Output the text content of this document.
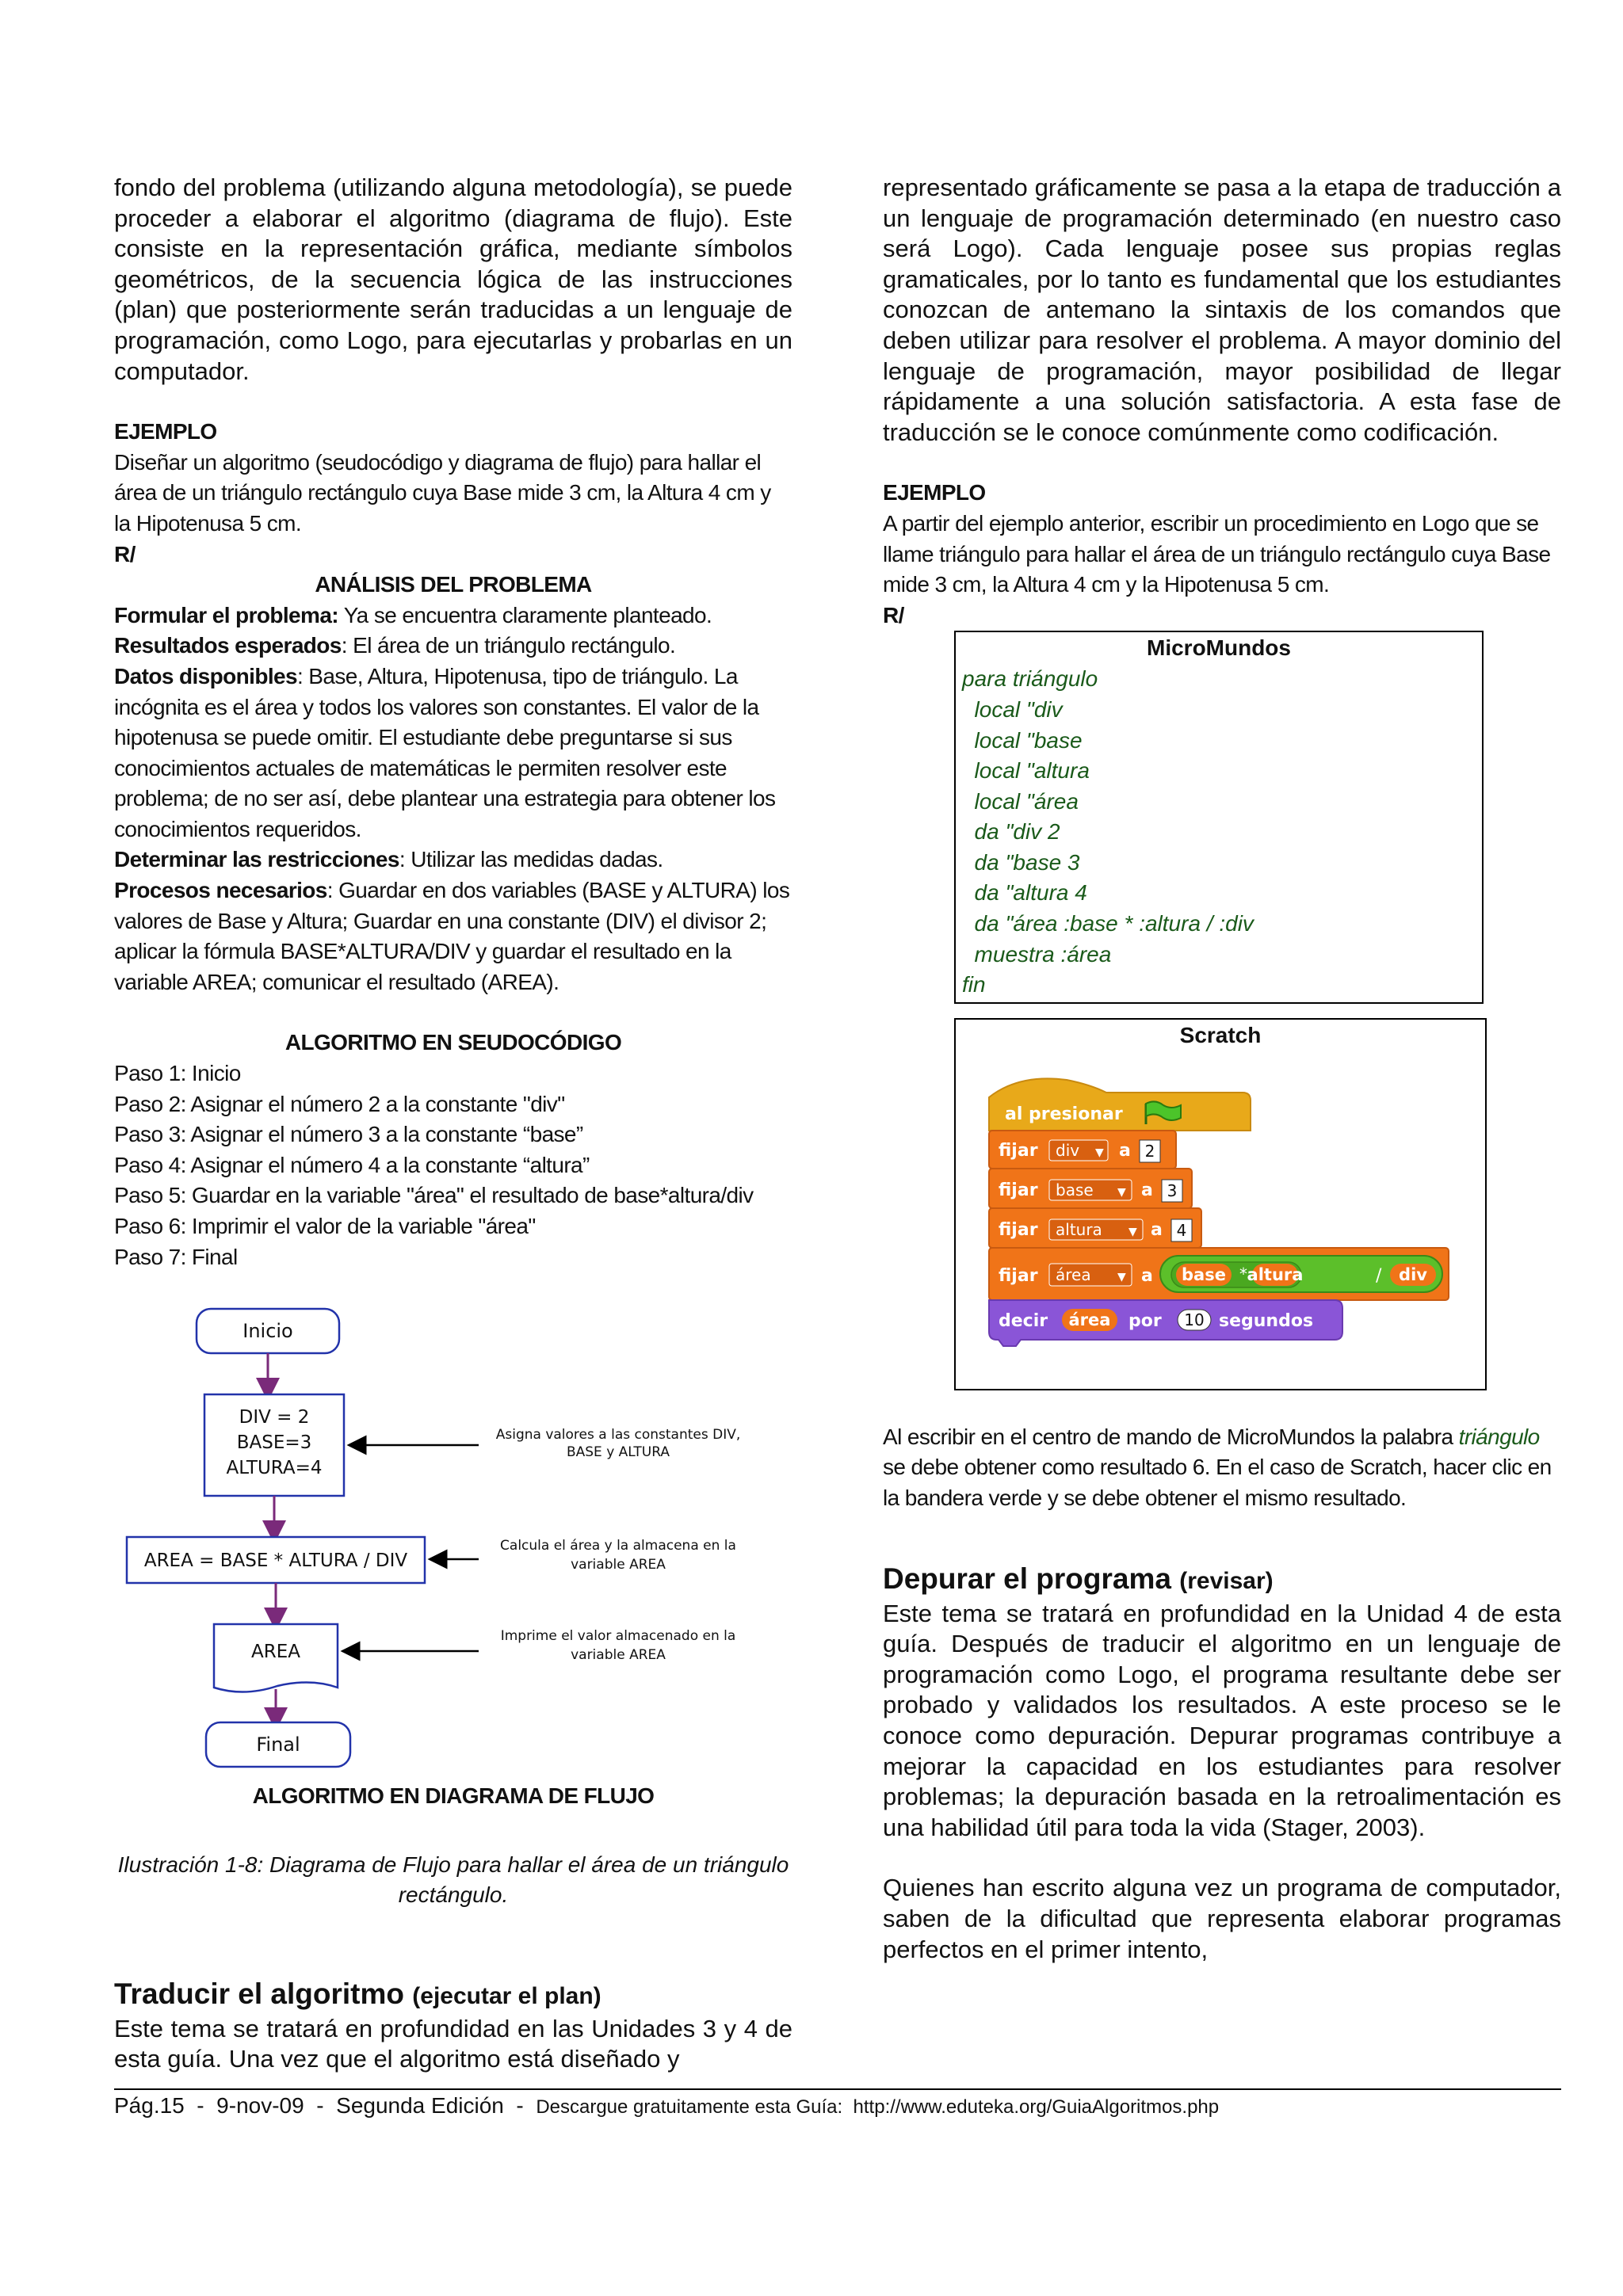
fondo del problema (utilizando alguna metodología), se puede proceder a elaborar el algoritmo (diagrama de flujo). Este consiste en la representación gráfica, mediante símbolos geométricos, de la secuencia lógica de las instrucciones (plan) que posteriormente serán traducidas a un lenguaje de programación, como Logo, para ejecutarlas y probarlas en un computador.

EJEMPLO

Diseñar un algoritmo (seudocódigo y diagrama de flujo) para hallar el área de un triángulo rectángulo cuya Base mide 3 cm, la Altura 4 cm y la Hipotenusa 5 cm.

R/

ANÁLISIS DEL PROBLEMA

Formular el problema: Ya se encuentra claramente planteado.

Resultados esperados: El área de un triángulo rectángulo.

Datos disponibles: Base, Altura, Hipotenusa, tipo de triángulo. La incógnita es el área y todos los valores son constantes. El valor de la hipotenusa se puede omitir. El estudiante debe preguntarse si sus conocimientos actuales de matemáticas le permiten resolver este problema; de no ser así, debe plantear una estrategia para obtener los conocimientos requeridos.

Determinar las restricciones: Utilizar las medidas dadas.

Procesos necesarios: Guardar en dos variables (BASE y ALTURA) los valores de Base y Altura; Guardar en una constante (DIV) el divisor 2; aplicar la fórmula BASE*ALTURA/DIV y guardar el resultado en la variable AREA; comunicar el resultado (AREA).

ALGORITMO EN SEUDOCÓDIGO

Paso 1: Inicio

Paso 2: Asignar el número 2 a la constante "div"

Paso 3: Asignar el número 3 a la constante “base”

Paso 4: Asignar el número 4 a la constante “altura”

Paso 5: Guardar en la variable "área" el resultado de base*altura/div

Paso 6: Imprimir el valor de la variable "área"

Paso 7: Final

Inicio
DIV = 2
BASE=3
ALTURA=4
AREA = BASE * ALTURA / DIV
AREA
Final
Asigna valores a las constantes DIV,
BASE y ALTURA
Calcula el área y la almacena en la
variable AREA
Imprime el valor almacenado en la
variable AREA

ALGORITMO EN DIAGRAMA DE FLUJO

Ilustración 1-8: Diagrama de Flujo para hallar el área de un triángulo rectángulo.

Traducir el algoritmo (ejecutar el plan)

Este tema se tratará en profundidad en las Unidades 3 y 4 de esta guía. Una vez que el algoritmo está diseñado y

representado gráficamente se pasa a la etapa de traducción a un lenguaje de programación determinado (en nuestro caso será Logo). Cada lenguaje posee sus propias reglas gramaticales, por lo tanto es fundamental que los estudiantes conozcan de antemano la sintaxis de los comandos que deben utilizar para resolver el problema. A mayor dominio del lenguaje de programación, mayor posibilidad de llegar rápidamente a una solución satisfactoria. A esta fase de traducción se le conoce comúnmente como codificación.

EJEMPLO

A partir del ejemplo anterior, escribir un procedimiento en Logo que se llame triángulo para hallar el área de un triángulo rectángulo cuya Base mide 3 cm, la Altura 4 cm y la Hipotenusa 5 cm.

R/

MicroMundos
para triángulo
local "div
local "base
local "altura
local "área
da "div 2
da "base 3
da "altura 4
da "área :base * :altura / :div
muestra :área
fin
Scratch
al presionar
fijar div ▼ a 2
fijar base ▼ a 3
fijar altura ▼ a 4
fijar área ▼ a base * altura	/ div
decir área por 10 segundos

Al escribir en el centro de mando de MicroMundos la palabra triángulo se debe obtener como resultado 6. En el caso de Scratch, hacer clic en la bandera verde y se debe obtener el mismo resultado.

Depurar el programa (revisar)

Este tema se tratará en profundidad en la Unidad 4 de esta guía. Después de traducir el algoritmo en un lenguaje de programación como Logo, el programa resultante debe ser probado y validados los resultados. A este proceso se le conoce como depuración. Depurar programas contribuye a mejorar la capacidad en los estudiantes para resolver problemas; la depuración basada en la retroalimentación es una habilidad útil para toda la vida (Stager, 2003).

Quienes han escrito alguna vez un programa de computador, saben de la dificultad que representa elaborar programas perfectos en el primer intento,

Pág.15  -  9-nov-09  -  Segunda Edición  -  Descargue gratuitamente esta Guía:  http://www.eduteka.org/GuiaAlgoritmos.php
